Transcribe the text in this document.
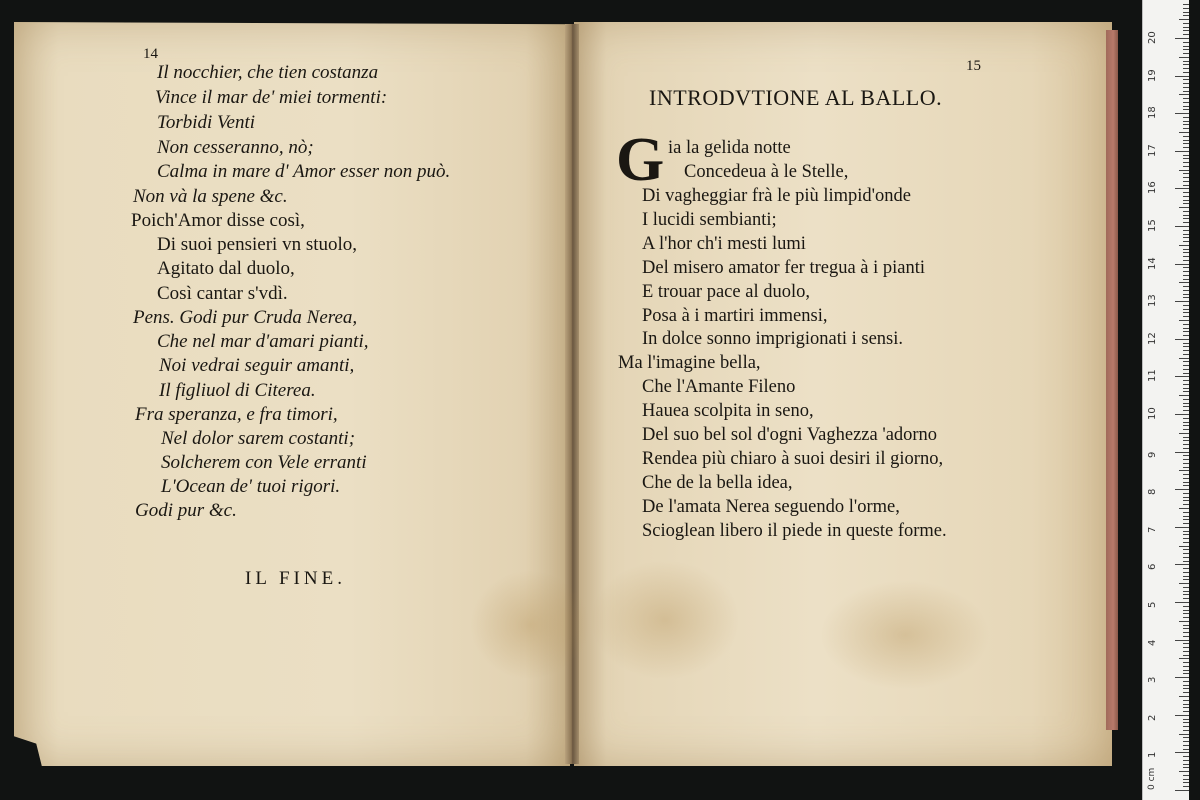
14
Il nocchier, che tien costanza
Vince il mar de' miei tormenti:
Torbidi Venti
Non cesseranno, nò;
Calma in mare d' Amor esser non può.
Non và la spene &c.
Poich'Amor disse così,
Di suoi pensieri vn stuolo,
Agitato dal duolo,
Così cantar s'vdì.
Pens. Godi pur Cruda Nerea,
Che nel mar d'amari pianti,
Noi vedrai seguir amanti,
Il figliuol di Citerea.
Fra speranza, e fra timori,
Nel dolor sarem costanti;
Solcherem con Vele erranti
L'Ocean de' tuoi rigori.
Godi pur &c.
IL FINE.
15
INTRODVTIONE AL BALLO.
G ia la gelida notte
Concedeua à le Stelle,
Di vagheggiar frà le più limpid'onde
I lucidi sembianti;
A l'hor ch'i mesti lumi
Del misero amator fer tregua à i pianti
E trouar pace al duolo,
Posa à i martiri immensi,
In dolce sonno imprigionati i sensi.
Ma l'imagine bella,
Che l'Amante Fileno
Hauea scolpita in seno,
Del suo bel sol d'ogni Vaghezza 'adorno
Rendea più chiaro à suoi desiri il giorno,
Che de la bella idea,
De l'amata Nerea seguendo l'orme,
Scioglean libero il piede in queste forme.
1
2
3
4
5
6
7
8
9
10
11
12
13
14
15
16
17
18
19
20
0 cm
